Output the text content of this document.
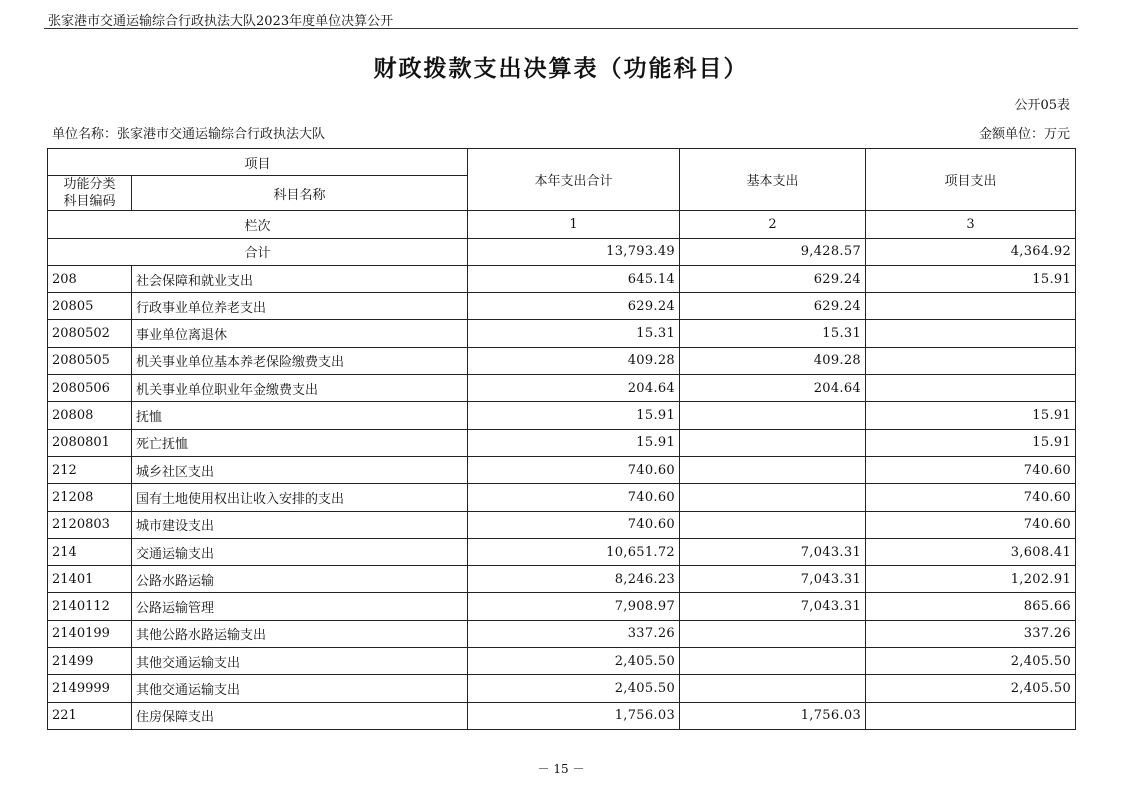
张家港市交通运输综合行政执法大队2023年度单位决算公开
财政拨款支出决算表（功能科目）
公开05表
单位名称：张家港市交通运输综合行政执法大队	金额单位：万元
项目		本年支出合计	基本支出	项目支出
功能分类
科目编码	科目名称			
栏次		1	2	3
合计		13,793.49	9,428.57	4,364.92
208	社会保障和就业支出	645.14	629.24	15.91
20805	行政事业单位养老支出	629.24	629.24	
2080502	事业单位离退休	15.31	15.31	
2080505	机关事业单位基本养老保险缴费支出	409.28	409.28	
2080506	机关事业单位职业年金缴费支出	204.64	204.64	
20808	抚恤	15.91		15.91
2080801	死亡抚恤	15.91		15.91
212	城乡社区支出	740.60		740.60
21208	国有土地使用权出让收入安排的支出	740.60		740.60
2120803	城市建设支出	740.60		740.60
214	交通运输支出	10,651.72	7,043.31	3,608.41
21401	公路水路运输	8,246.23	7,043.31	1,202.91
2140112	公路运输管理	7,908.97	7,043.31	865.66
2140199	其他公路水路运输支出	337.26		337.26
21499	其他交通运输支出	2,405.50		2,405.50
2149999	其他交通运输支出	2,405.50		2,405.50
221	住房保障支出	1,756.03	1,756.03	
－ 15 －
